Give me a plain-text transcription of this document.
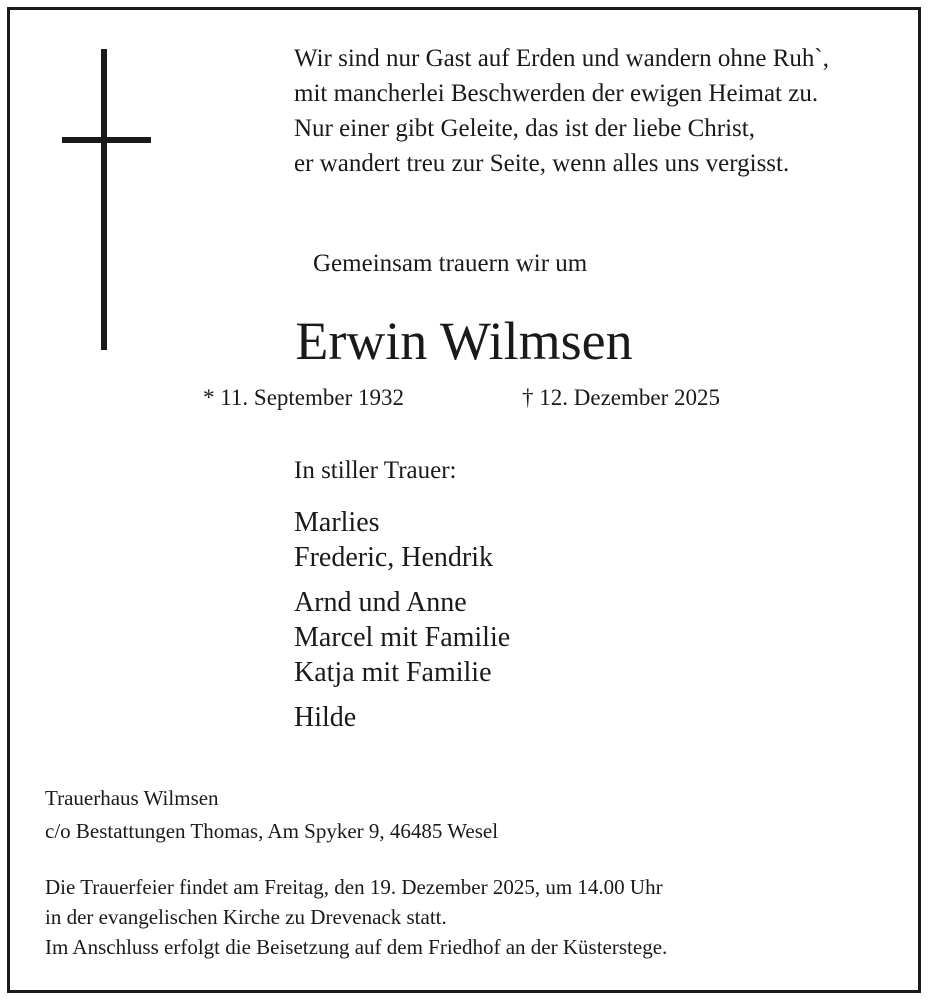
Wir sind nur Gast auf Erden und wandern ohne Ruh`,
mit mancherlei Beschwerden der ewigen Heimat zu.
Nur einer gibt Geleite, das ist der liebe Christ,
er wandert treu zur Seite, wenn alles uns vergisst.
Gemeinsam trauern wir um
Erwin Wilmsen
* 11. September 1932	† 12. Dezember 2025
In stiller Trauer:
Marlies
Frederic, Hendrik
Arnd und Anne
Marcel mit Familie
Katja mit Familie
Hilde
Trauerhaus Wilmsen
c/o Bestattungen Thomas, Am Spyker 9, 46485 Wesel
Die Trauerfeier findet am Freitag, den 19. Dezember 2025, um 14.00 Uhr
in der evangelischen Kirche zu Drevenack statt.
Im Anschluss erfolgt die Beisetzung auf dem Friedhof an der Küsterstege.
